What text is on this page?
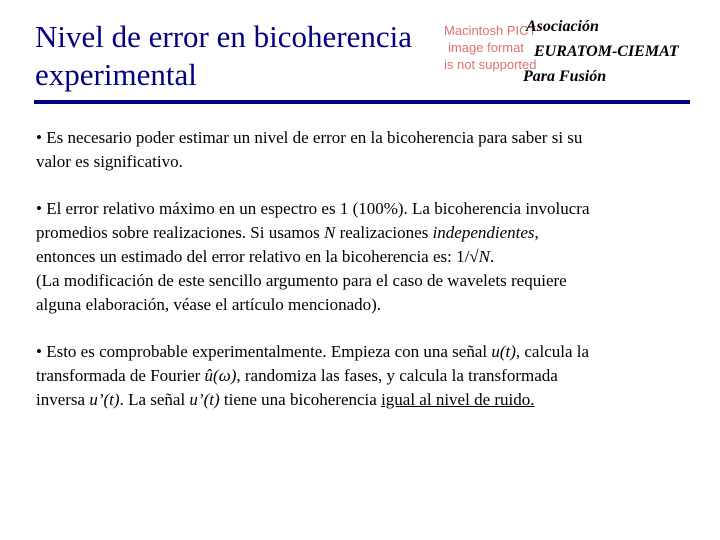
Nivel de error en bicoherencia
experimental
Macintosh PICT
image format
is not supported
Asociación
EURATOM-CIEMAT
Para Fusión

• Es necesario poder estimar un nivel de error en la bicoherencia para saber si su
valor es significativo.

• El error relativo máximo en un espectro es 1 (100%). La bicoherencia involucra
promedios sobre realizaciones. Si usamos N realizaciones independientes,
entonces un estimado del error relativo en la bicoherencia es: 1/√N.
(La modificación de este sencillo argumento para el caso de wavelets requiere
alguna elaboración, véase el artículo mencionado).

• Esto es comprobable experimentalmente. Empieza con una señal u(t), calcula la
transformada de Fourier û(ω), randomiza las fases, y calcula la transformada
inversa u’(t). La señal u’(t) tiene una bicoherencia igual al nivel de ruido.
